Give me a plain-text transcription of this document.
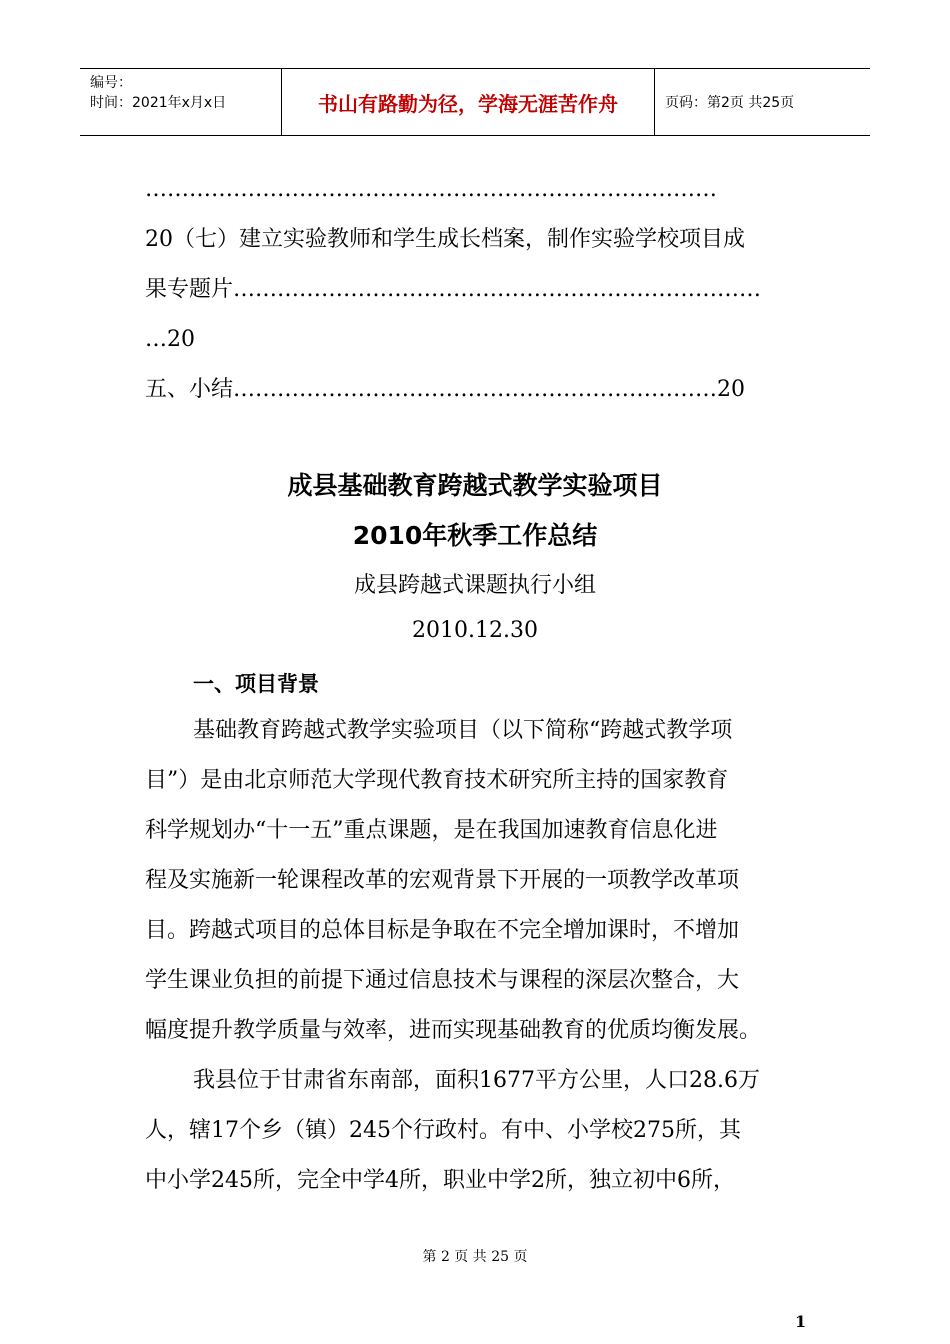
编号：
时间：2021年x月x日	书山有路勤为径，学海无涯苦作舟	页码：第2页 共25页
……………………………………………………………………
20（七）建立实验教师和学生成长档案，制作实验学校项目成
果专题片………………………………………………………………
…20
五、小结…………………………………………………………20
成县基础教育跨越式教学实验项目
2010年秋季工作总结
成县跨越式课题执行小组
2010.12.30
一、项目背景
基础教育跨越式教学实验项目（以下简称“跨越式教学项
目”）是由北京师范大学现代教育技术研究所主持的国家教育
科学规划办“十一五”重点课题，是在我国加速教育信息化进
程及实施新一轮课程改革的宏观背景下开展的一项教学改革项
目。跨越式项目的总体目标是争取在不完全增加课时，不增加
学生课业负担的前提下通过信息技术与课程的深层次整合，大
幅度提升教学质量与效率，进而实现基础教育的优质均衡发展。
我县位于甘肃省东南部，面积1677平方公里，人口28.6万
人，辖17个乡（镇）245个行政村。有中、小学校275所，其
中小学245所，完全中学4所，职业中学2所，独立初中6所，
第 2 页 共 25 页
1
